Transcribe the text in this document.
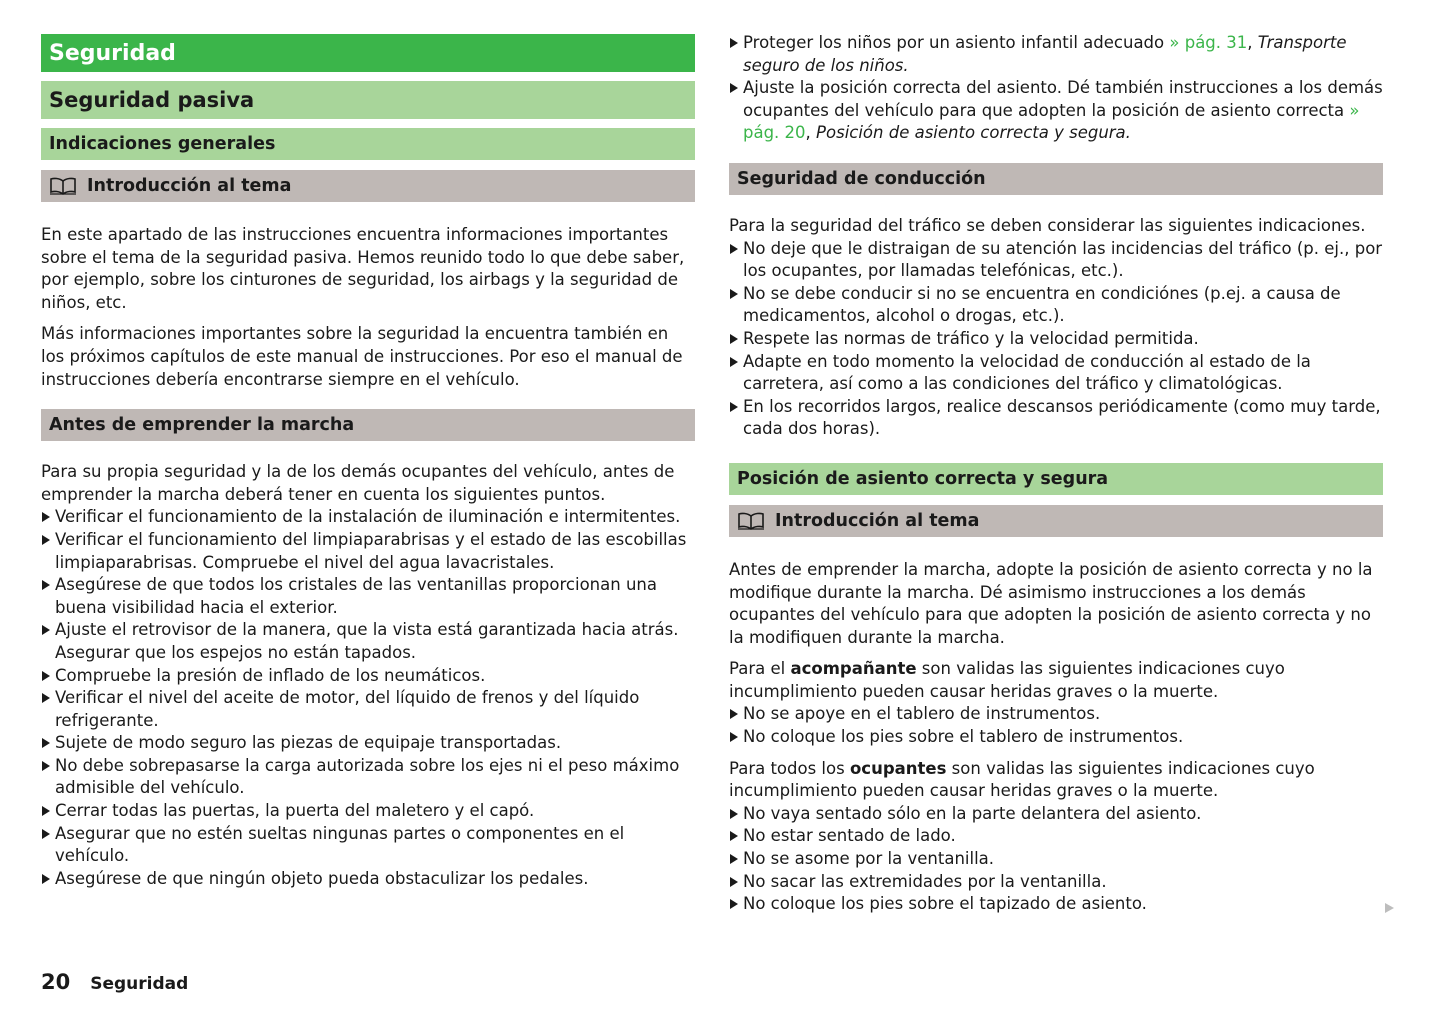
Seguridad
Seguridad pasiva
Indicaciones generales
Introducción al tema

En este apartado de las instrucciones encuentra informaciones importantes sobre el tema de la seguridad pasiva. Hemos reunido todo lo que debe saber, por ejemplo, sobre los cinturones de seguridad, los airbags y la seguridad de niños, etc.

Más informaciones importantes sobre la seguridad la encuentra también en los próximos capítulos de este manual de instrucciones. Por eso el manual de instrucciones debería encontrarse siempre en el vehículo.

Antes de emprender la marcha

Para su propia seguridad y la de los demás ocupantes del vehículo, antes de emprender la marcha deberá tener en cuenta los siguientes puntos.

Verificar el funcionamiento de la instalación de iluminación e intermitentes.
Verificar el funcionamiento del limpiaparabrisas y el estado de las escobillas limpiaparabrisas. Compruebe el nivel del agua lavacristales.
Asegúrese de que todos los cristales de las ventanillas proporcionan una buena visibilidad hacia el exterior.
Ajuste el retrovisor de la manera, que la vista está garantizada hacia atrás. Asegurar que los espejos no están tapados.
Compruebe la presión de inflado de los neumáticos.
Verificar el nivel del aceite de motor, del líquido de frenos y del líquido refrigerante.
Sujete de modo seguro las piezas de equipaje transportadas.
No debe sobrepasarse la carga autorizada sobre los ejes ni el peso máximo admisible del vehículo.
Cerrar todas las puertas, la puerta del maletero y el capó.
Asegurar que no estén sueltas ningunas partes o componentes en el vehículo.
Asegúrese de que ningún objeto pueda obstaculizar los pedales.
Proteger los niños por un asiento infantil adecuado » pág. 31, Transporte seguro de los niños.
Ajuste la posición correcta del asiento. Dé también instrucciones a los demás ocupantes del vehículo para que adopten la posición de asiento correcta » pág. 20, Posición de asiento correcta y segura.
Seguridad de conducción

Para la seguridad del tráfico se deben considerar las siguientes indicaciones.

No deje que le distraigan de su atención las incidencias del tráfico (p. ej., por los ocupantes, por llamadas telefónicas, etc.).
No se debe conducir si no se encuentra en condiciónes (p.ej. a causa de medicamentos, alcohol o drogas, etc.).
Respete las normas de tráfico y la velocidad permitida.
Adapte en todo momento la velocidad de conducción al estado de la carretera, así como a las condiciones del tráfico y climatológicas.
En los recorridos largos, realice descansos periódicamente (como muy tarde, cada dos horas).
Posición de asiento correcta y segura
Introducción al tema

Antes de emprender la marcha, adopte la posición de asiento correcta y no la modifique durante la marcha. Dé asimismo instrucciones a los demás ocupantes del vehículo para que adopten la posición de asiento correcta y no la modifiquen durante la marcha.

Para el acompañante son validas las siguientes indicaciones cuyo incumplimiento pueden causar heridas graves o la muerte.

No se apoye en el tablero de instrumentos.
No coloque los pies sobre el tablero de instrumentos.

Para todos los ocupantes son validas las siguientes indicaciones cuyo incumplimiento pueden causar heridas graves o la muerte.

No vaya sentado sólo en la parte delantera del asiento.
No estar sentado de lado.
No se asome por la ventanilla.
No sacar las extremidades por la ventanilla.
No coloque los pies sobre el tapizado de asiento.
20 Seguridad
